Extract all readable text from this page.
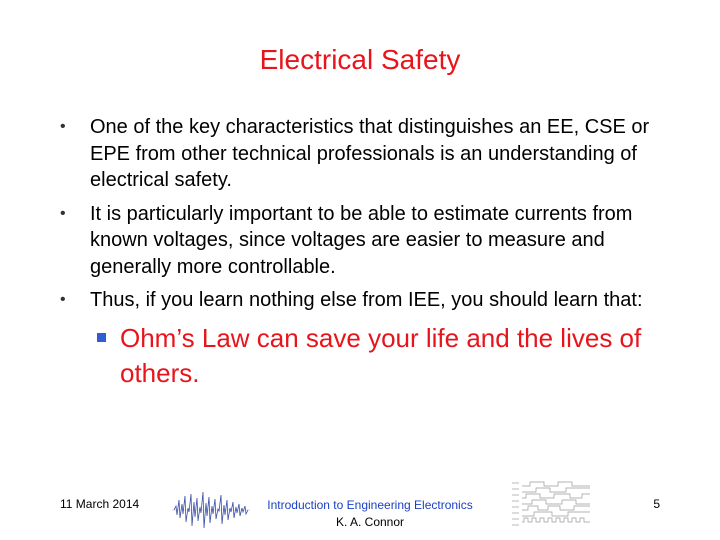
Electrical Safety
• One of the key characteristics that distinguishes an EE, CSE or EPE from other technical professionals is an understanding of electrical safety.
• It is particularly important to be able to estimate currents from known voltages, since voltages are easier to measure and generally more controllable.
• Thus, if you learn nothing else from IEE, you should learn that:
Ohm’s Law can save your life and the lives of others.
11 March 2014	Introduction to Engineering Electronics
K. A. Connor
5
